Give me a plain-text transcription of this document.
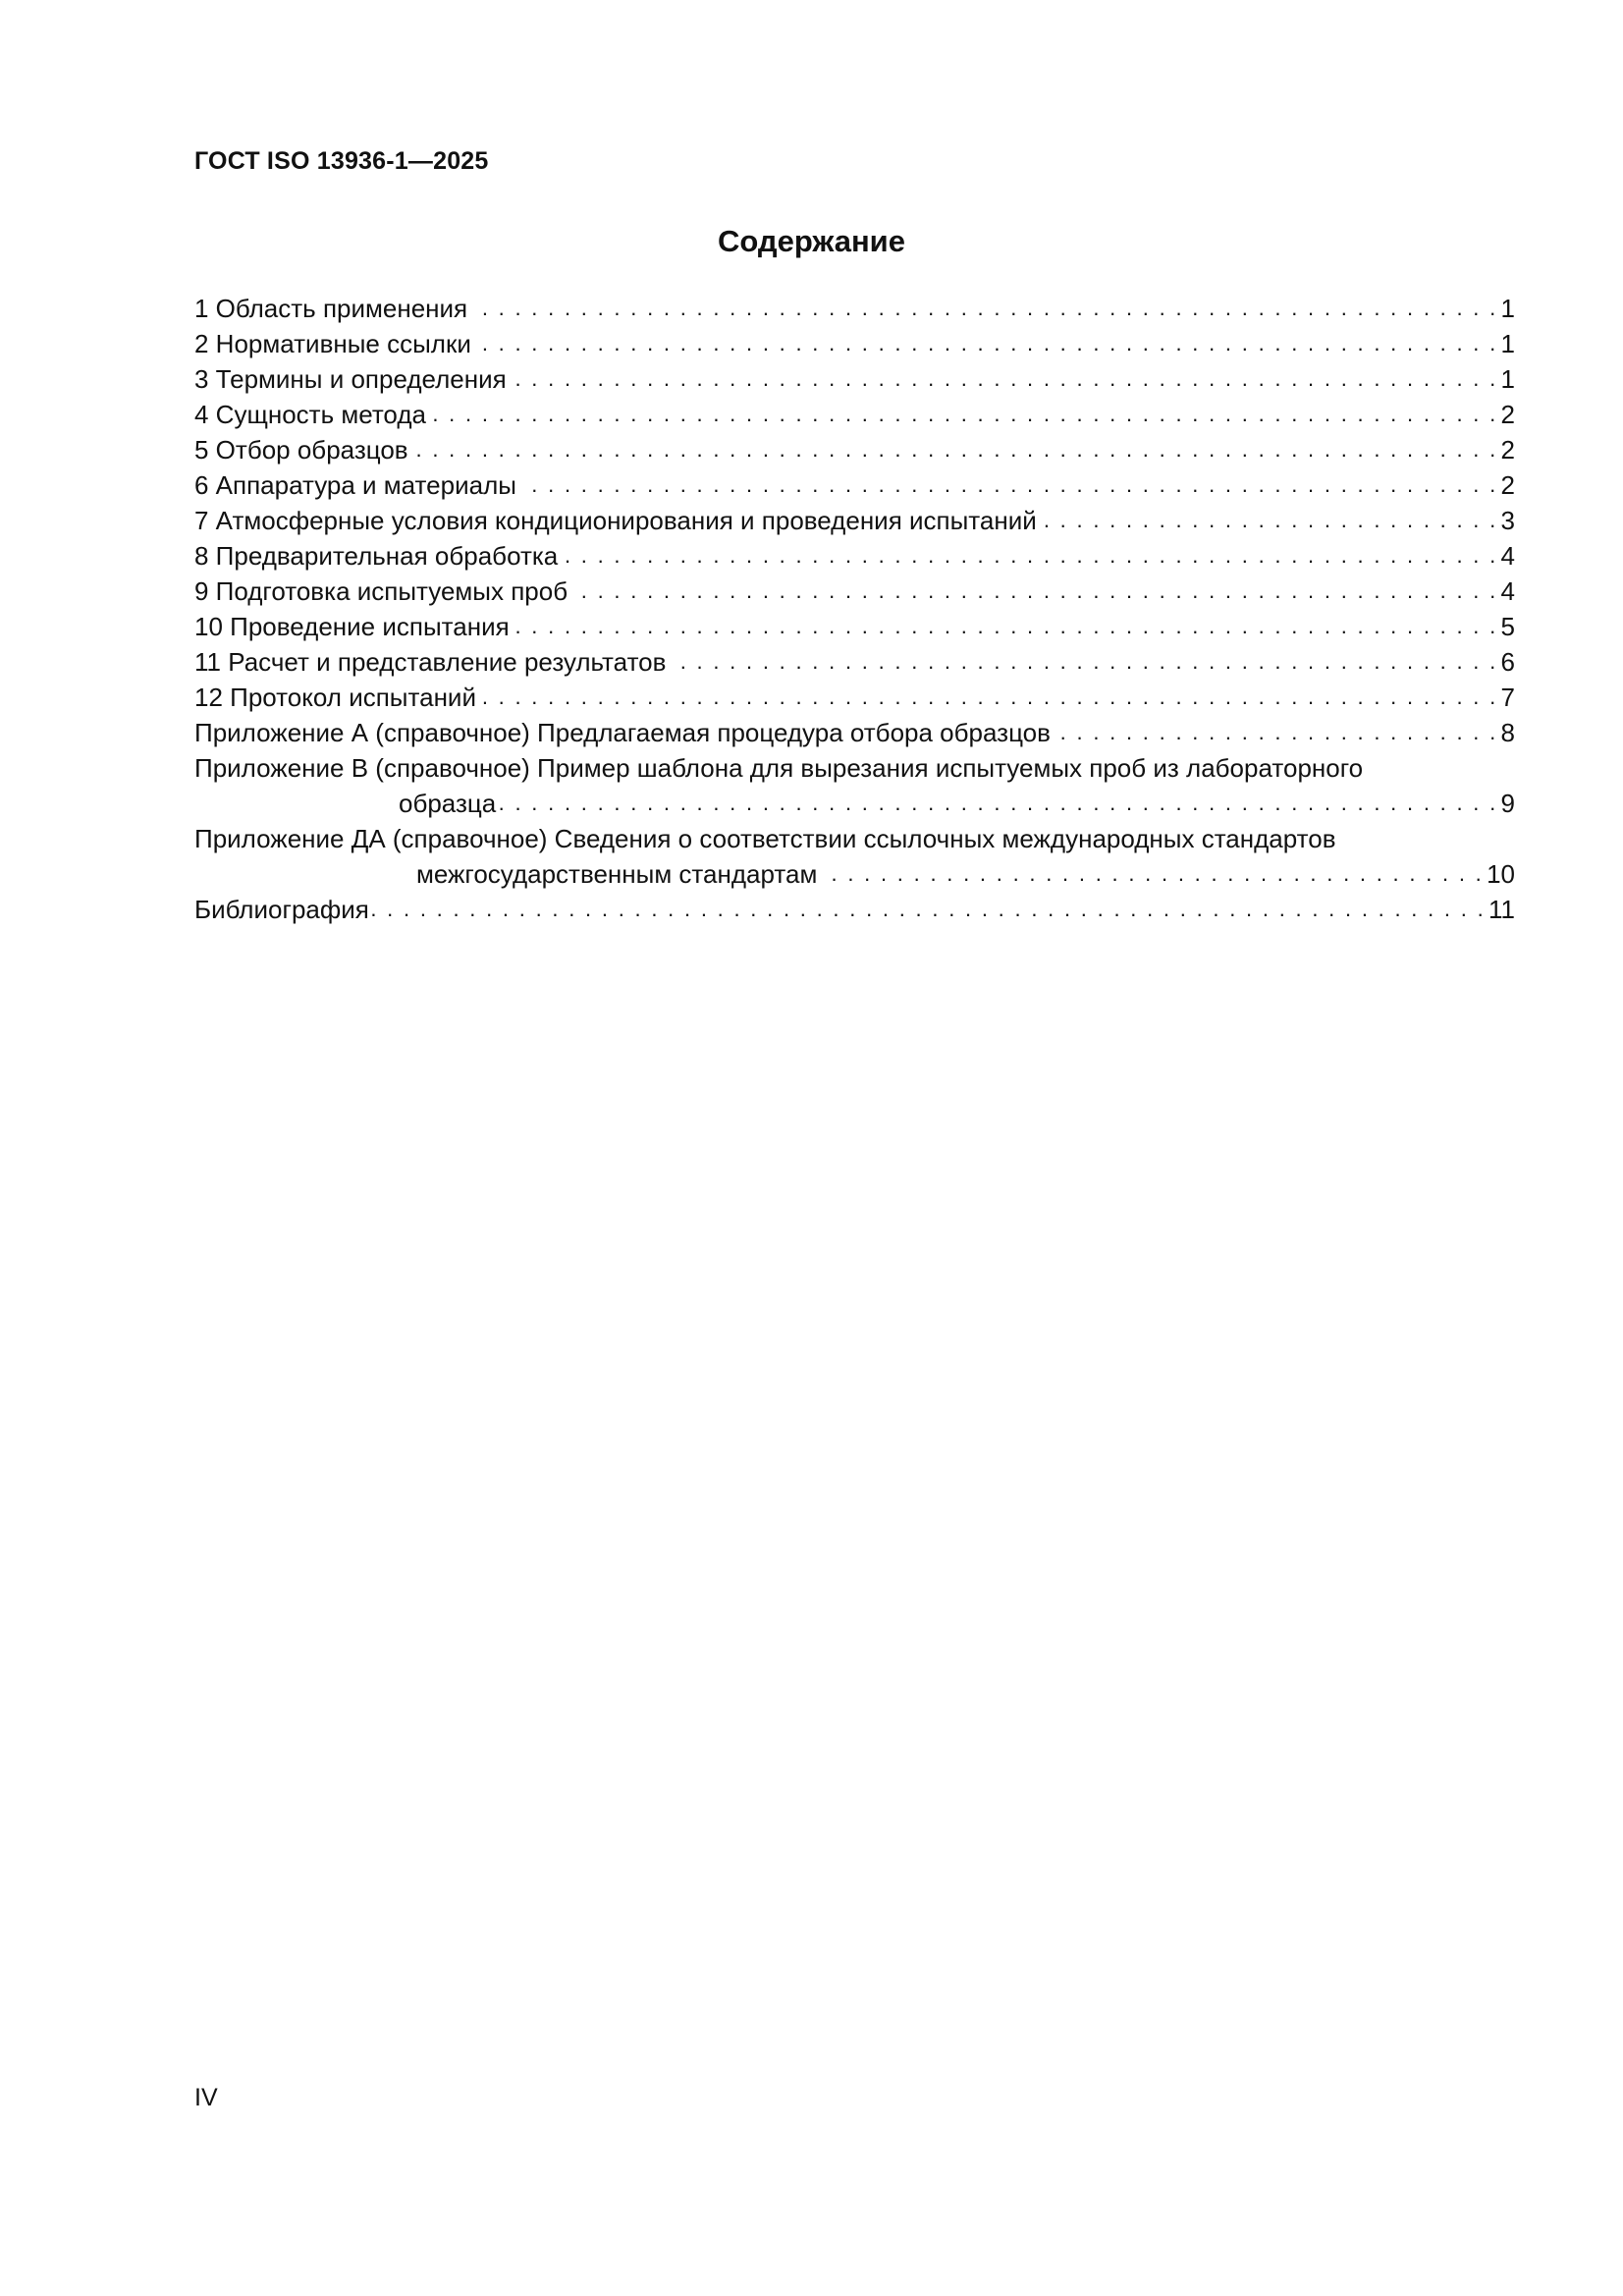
ГОСТ ISO 13936-1—2025
Содержание
1 Область применения . . .	1
2 Нормативные ссылки . . .	1
3 Термины и определения . . .	1
4 Сущность метода . . .	2
5 Отбор образцов . . .	2
6 Аппаратура и материалы . . .	2
7 Атмосферные условия кондиционирования и проведения испытаний . . .	3
8 Предварительная обработка . . .	4
9 Подготовка испытуемых проб . . .	4
10 Проведение испытания . . .	5
11 Расчет и представление результатов . . .	6
12 Протокол испытаний . . .	7
Приложение А (справочное) Предлагаемая процедура отбора образцов . . .	8
Приложение В (справочное) Пример шаблона для вырезания испытуемых проб из лабораторного
образца . . .	9
Приложение ДА (справочное) Сведения о соответствии ссылочных международных стандартов
межгосударственным стандартам . . .	10
Библиография . . .	11
IV
